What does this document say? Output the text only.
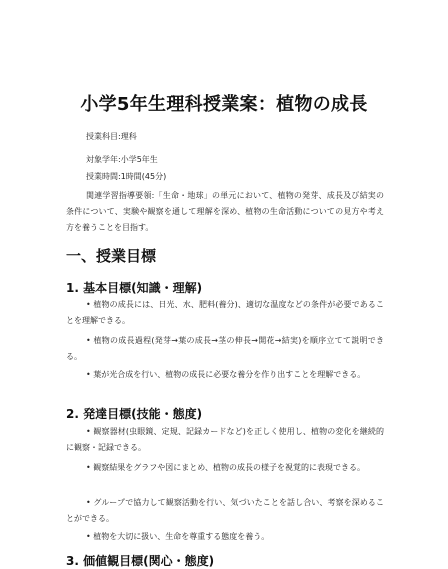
小学5年生理科授業案：植物の成長
授業科目:理科
対象学年:小学5年生
授業時間:1時間(45分)
関連学習指導要領:「生命・地球」の単元において、植物の発芽、成長及び結実の条件について、実験や観察を通して理解を深め、植物の生命活動についての見方や考え方を養うことを目指す。
一、授業目標
1. 基本目標(知識・理解)
• 植物の成長には、日光、水、肥料(養分)、適切な温度などの条件が必要であることを理解できる。
• 植物の成長過程(発芽→葉の成長→茎の伸長→開花→結実)を順序立てて説明できる。
• 葉が光合成を行い、植物の成長に必要な養分を作り出すことを理解できる。
2. 発達目標(技能・態度)
• 観察器材(虫眼鏡、定規、記録カードなど)を正しく使用し、植物の変化を継続的に観察・記録できる。
• 観察結果をグラフや図にまとめ、植物の成長の様子を視覚的に表現できる。
• グループで協力して観察活動を行い、気づいたことを話し合い、考察を深めることができる。
• 植物を大切に扱い、生命を尊重する態度を養う。
3. 価値観目標(関心・態度)
